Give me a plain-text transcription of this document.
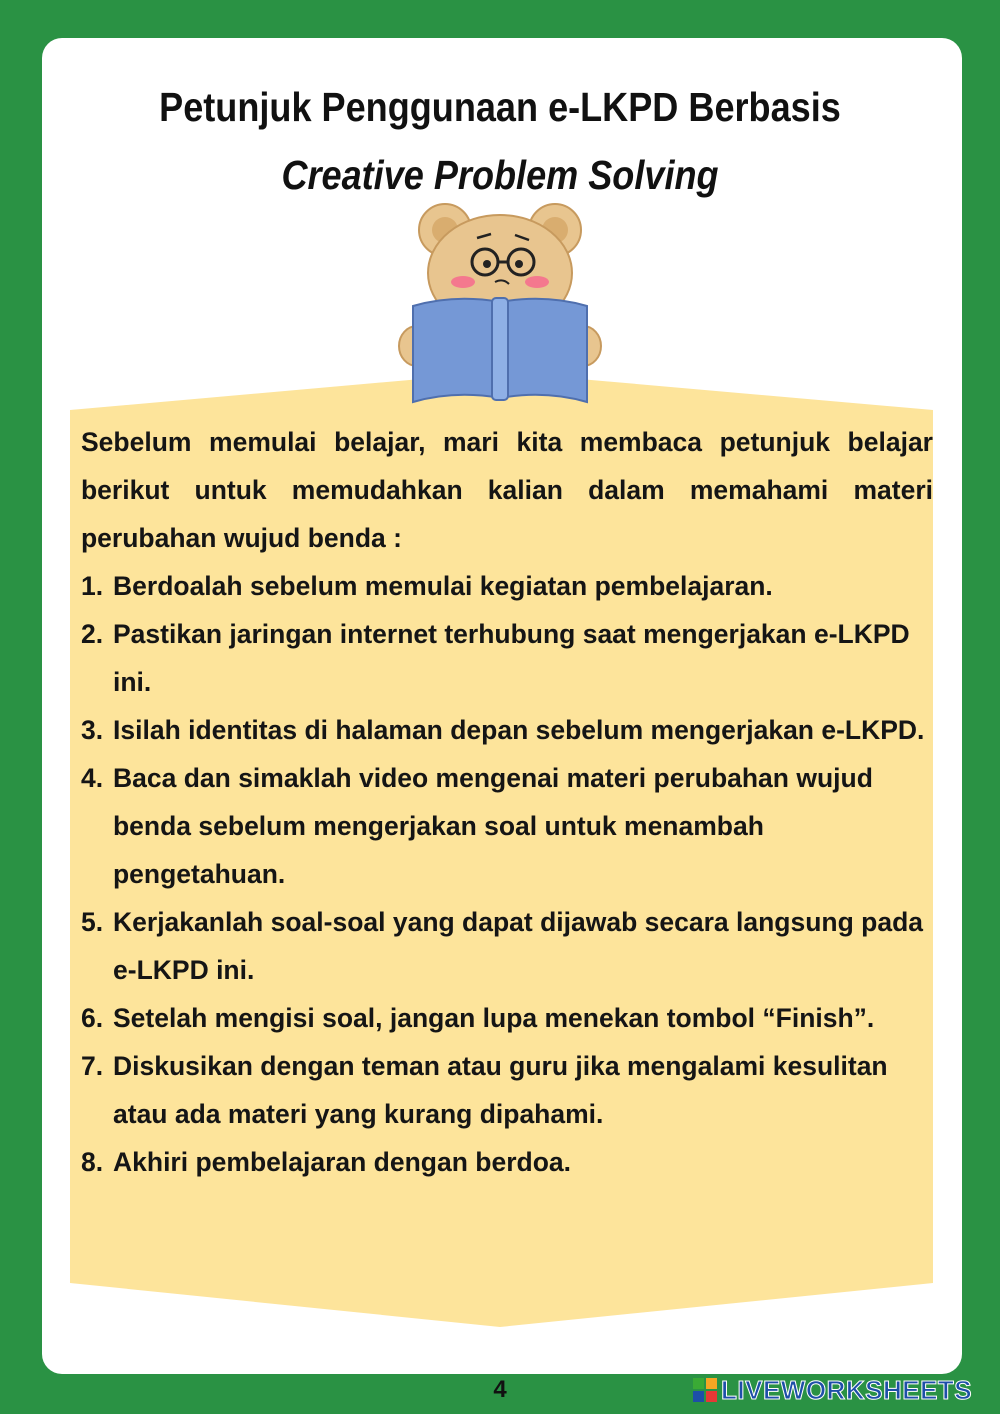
Petunjuk Penggunaan e-LKPD Berbasis
Creative Problem Solving

Sebelum memulai belajar, mari kita membaca petunjuk belajar berikut untuk memudahkan kalian dalam memahami materi perubahan wujud benda :

1. Berdoalah sebelum memulai kegiatan pembelajaran.
2. Pastikan jaringan internet terhubung saat mengerjakan e-LKPD ini.
3. Isilah identitas di halaman depan sebelum mengerjakan e-LKPD.
4. Baca dan simaklah video mengenai materi perubahan wujud benda sebelum mengerjakan soal untuk menambah pengetahuan.
5. Kerjakanlah soal-soal yang dapat dijawab secara langsung pada e-LKPD ini.
6. Setelah mengisi soal, jangan lupa menekan tombol “Finish”.
7. Diskusikan dengan teman atau guru jika mengalami kesulitan atau ada materi yang kurang dipahami.
8. Akhiri pembelajaran dengan berdoa.
4	LIVEWORKSHEETS
